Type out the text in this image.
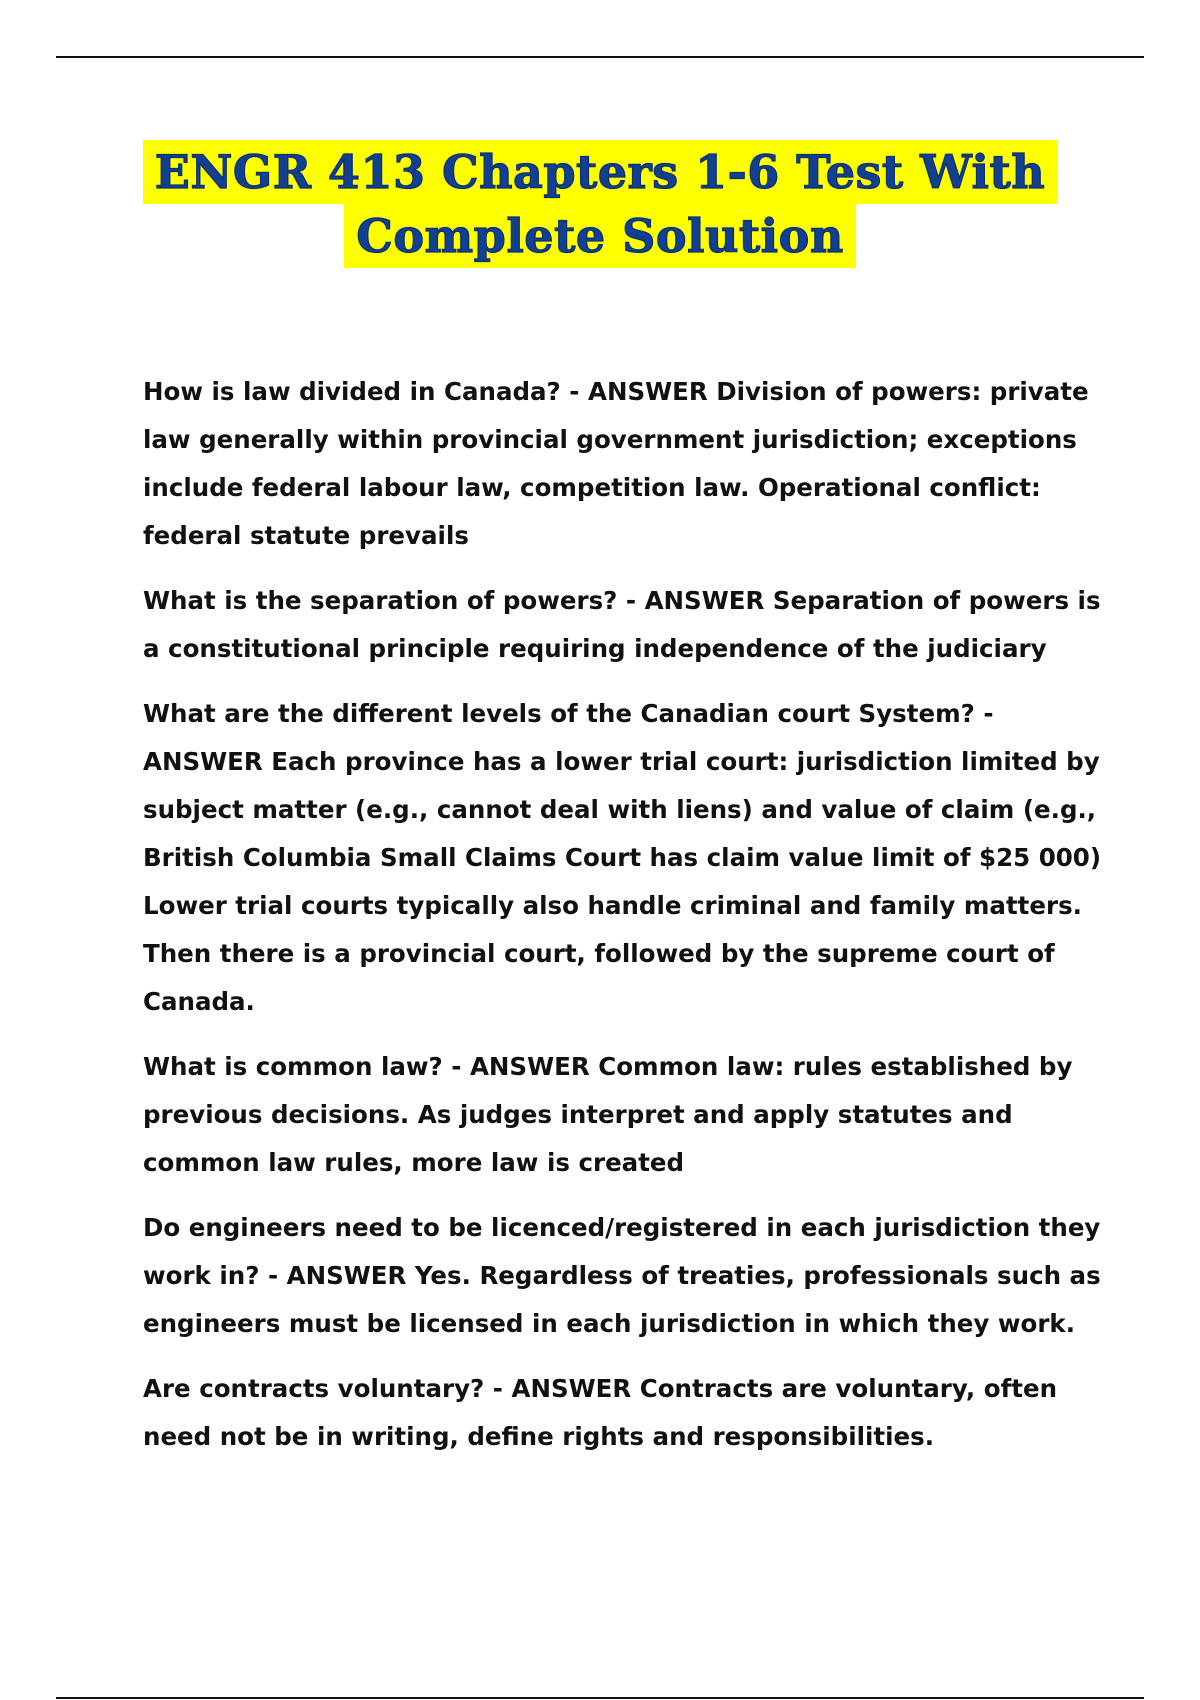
ENGR 413 Chapters 1-6 Test With
Complete Solution

How is law divided in Canada? - ANSWER Division of powers: private law generally within provincial government jurisdiction; exceptions include federal labour law, competition law. Operational conflict: federal statute prevails

What is the separation of powers? - ANSWER Separation of powers is a constitutional principle requiring independence of the judiciary

What are the different levels of the Canadian court System? - ANSWER Each province has a lower trial court: jurisdiction limited by subject matter (e.g., cannot deal with liens) and value of claim (e.g., British Columbia Small Claims Court has claim value limit of $25 000) Lower trial courts typically also handle criminal and family matters. Then there is a provincial court, followed by the supreme court of Canada.

What is common law? - ANSWER Common law: rules established by previous decisions. As judges interpret and apply statutes and common law rules, more law is created

Do engineers need to be licenced/registered in each jurisdiction they work in? - ANSWER Yes. Regardless of treaties, professionals such as engineers must be licensed in each jurisdiction in which they work.

Are contracts voluntary? - ANSWER Contracts are voluntary, often need not be in writing, define rights and responsibilities.
